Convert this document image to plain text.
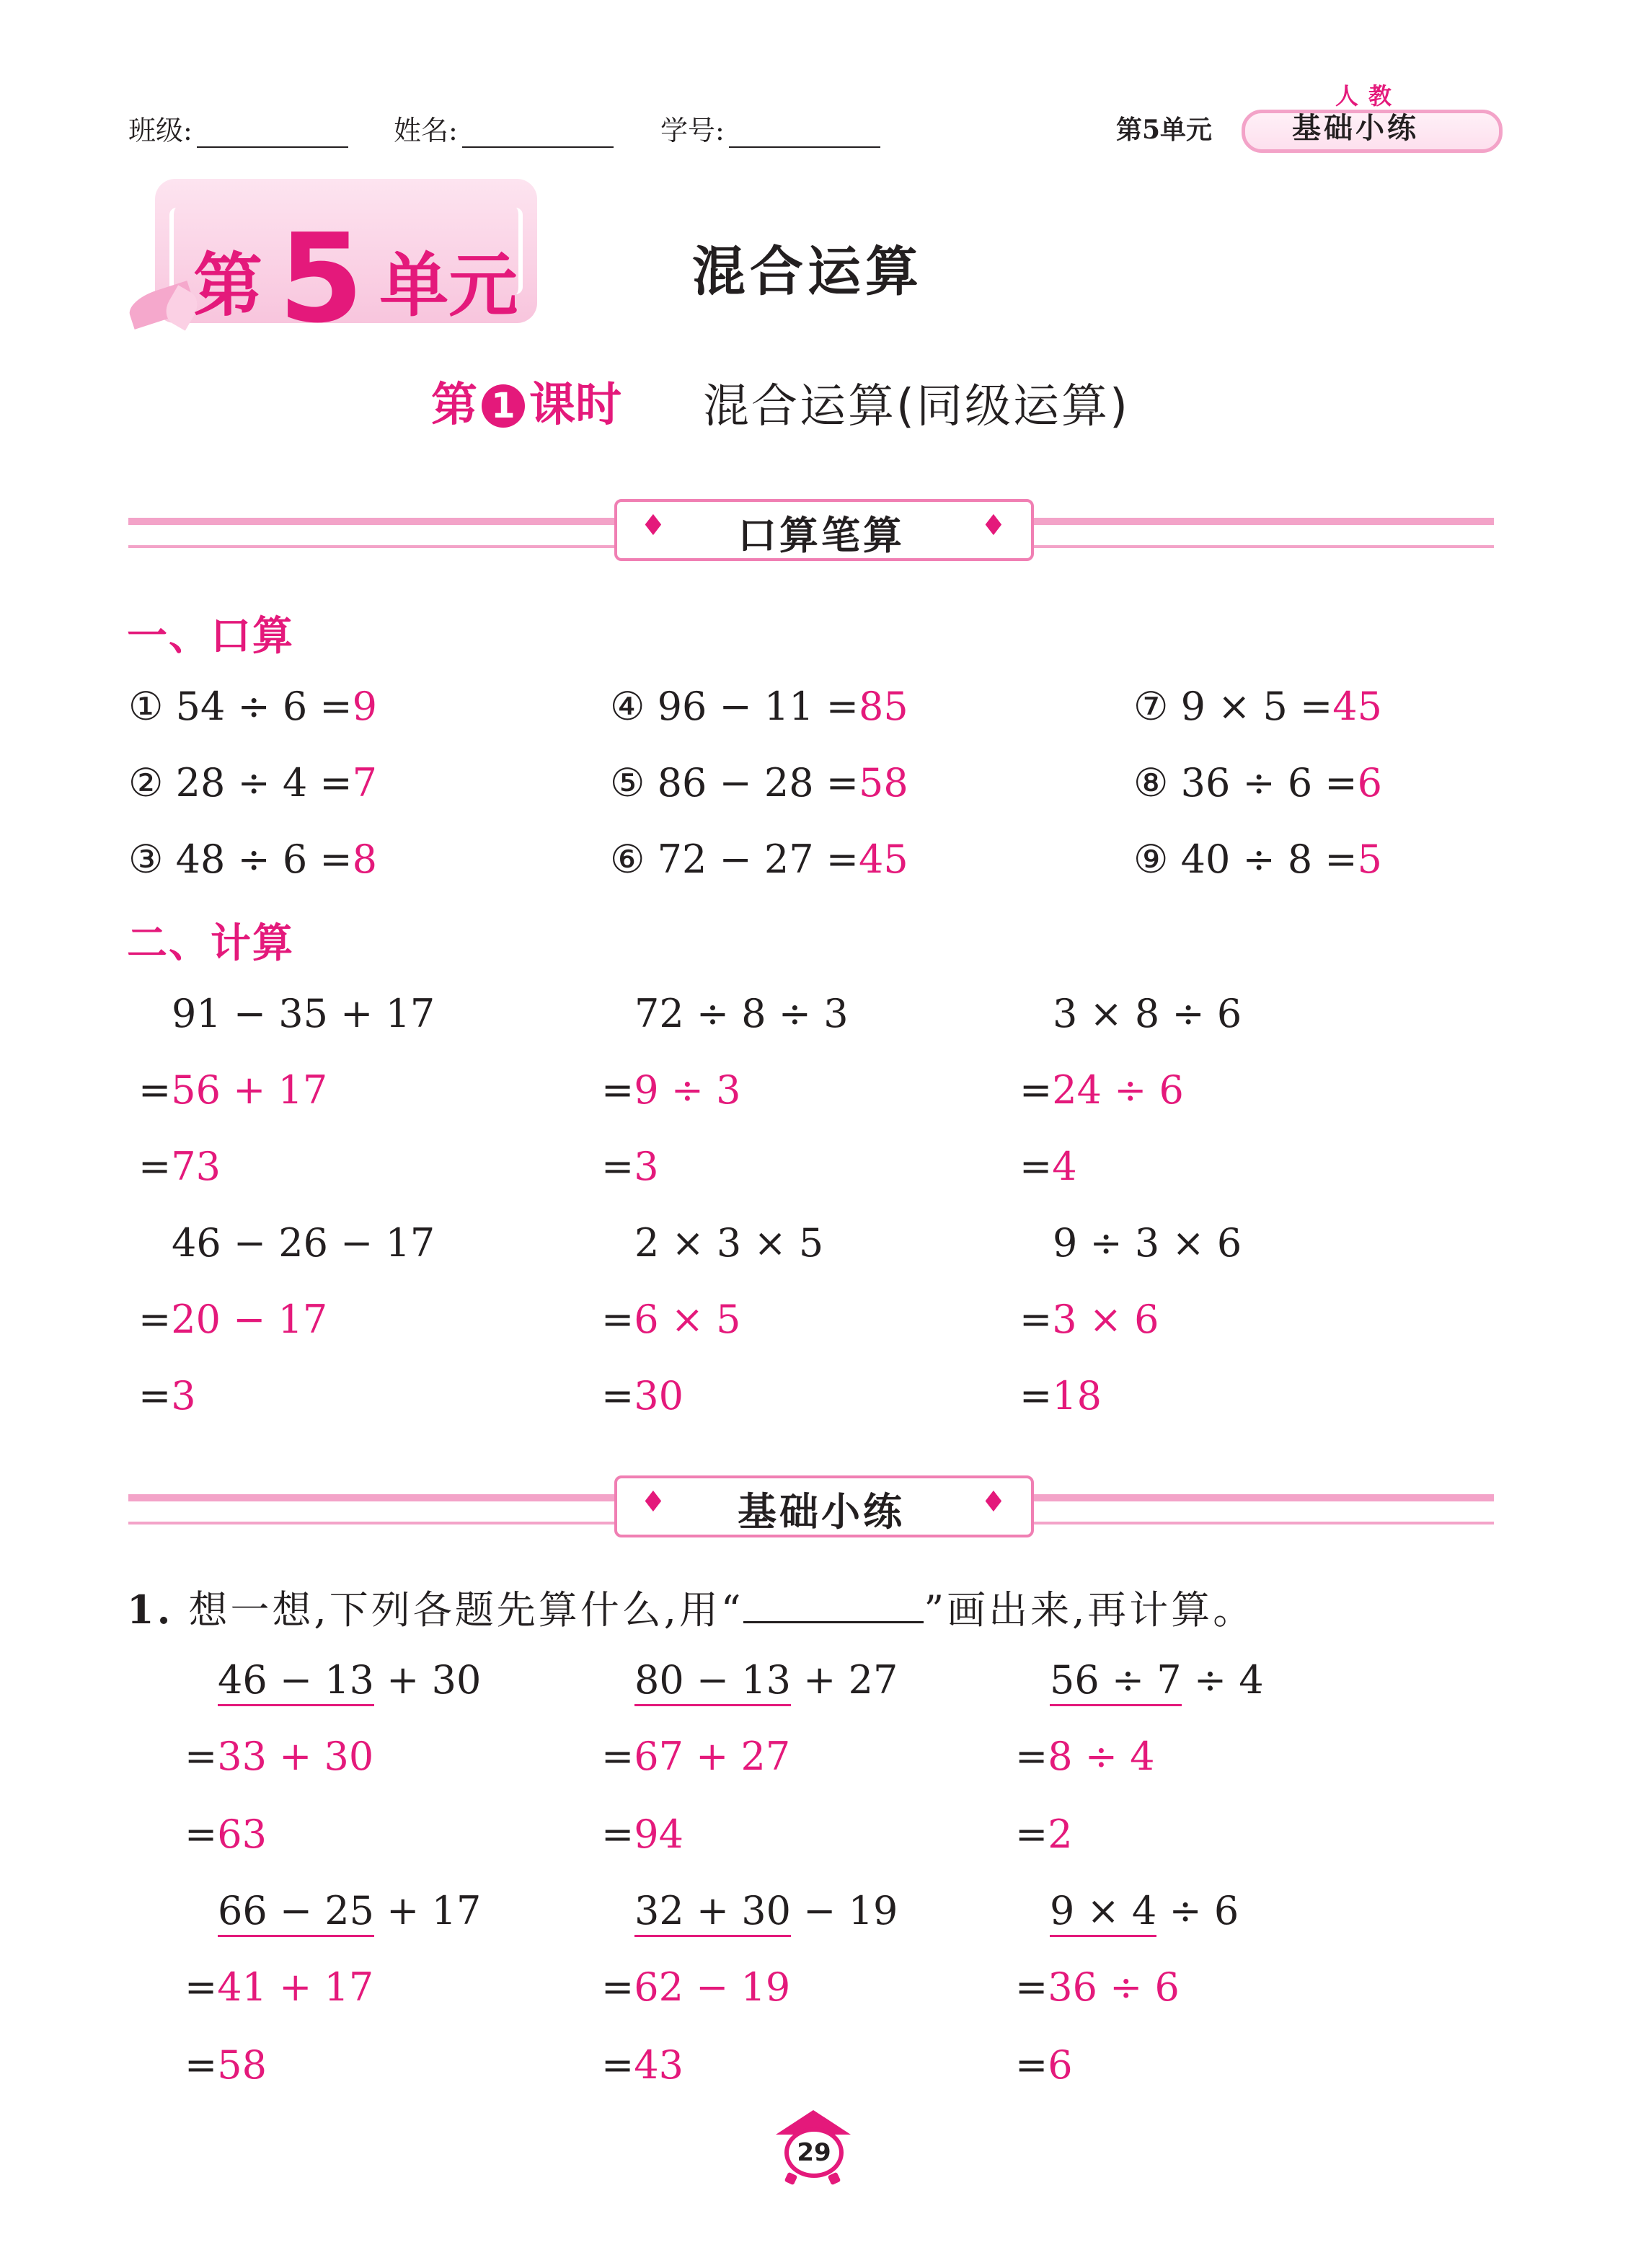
班级:	姓名:	学号:	第5单元
人教
基础小练
第 5 单元	混合运算
第 1 课时 混合运算(同级运算)
♦	♦
口算笔算
一、口算
① 54 ÷ 6 =9
② 28 ÷ 4 =7
③ 48 ÷ 6 =8
④ 96 − 11 =85
⑤ 86 − 28 =58
⑥ 72 − 27 =45
⑦ 9 × 5 =45
⑧ 36 ÷ 6 =6
⑨ 40 ÷ 8 =5
二、计算
91 − 35 + 17
=56 + 17
=73
72 ÷ 8 ÷ 3
=9 ÷ 3
=3
3 × 8 ÷ 6
=24 ÷ 6
=4
46 − 26 − 17
=20 − 17
=3
2 × 3 × 5
=6 × 5
=30
9 ÷ 3 × 6
=3 × 6
=18
♦	♦
基础小练
1. 想一想,下列各题先算什么,用“	”画出来,再计算。
46 − 13 + 30
=33 + 30
=63
80 − 13 + 27
=67 + 27
=94
56 ÷ 7 ÷ 4
=8 ÷ 4
=2
66 − 25 + 17
=41 + 17
=58
32 + 30 − 19
=62 − 19
=43
9 × 4 ÷ 6
=36 ÷ 6
=6
29
